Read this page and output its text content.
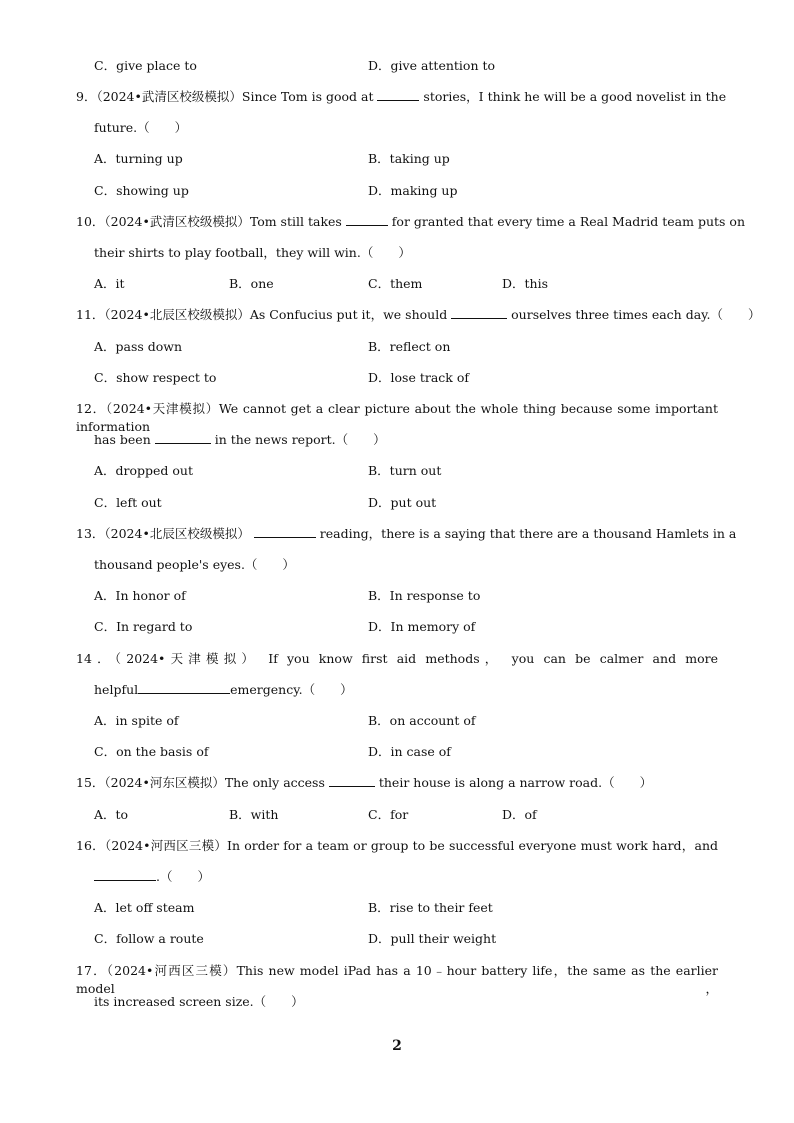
C．give place to	D．give attention to
9．（2024•武清区校级模拟）Since Tom is good at	stories，I think he will be a good novelist in the
future.（　　）
A．turning up	B．taking up
C．showing up	D．making up
10．（2024•武清区校级模拟）Tom still takes	for granted that every time a Real Madrid team puts on
their shirts to play football，they will win.（　　）
A．it	B．one	C．them	D．this
11．（2024•北辰区校级模拟）As Confucius put it，we should	ourselves three times each day.（　　）
A．pass down	B．reflect on
C．show respect to	D．lose track of
12．（2024•天津模拟）We cannot get a clear picture about the whole thing because some important information
has been	in the news report.（　　）
A．dropped out	B．turn out
C．left out	D．put out
13．（2024•北辰区校级模拟）	reading，there is a saying that there are a thousand Hamlets in a
thousand people's eyes.（　　）
A．In honor of	B．In response to
C．In regard to	D．In memory of
14．（2024•天津模拟） If you know first aid methods， you can be calmer and more
helpful	emergency.（　　）
A．in spite of	B．on account of
C．on the basis of	D．in case of
15．（2024•河东区模拟）The only access	their house is along a narrow road.（　　）
A．to	B．with	C．for	D．of
16．（2024•河西区三模）In order for a team or group to be successful everyone must work hard，and
.（　　）
A．let off steam	B．rise to their feet
C．follow a route	D．pull their weight
17．（2024•河西区三模）This new model iPad has a 10﹣hour battery life，the same as the earlier model，
its increased screen size.（　　）
2
